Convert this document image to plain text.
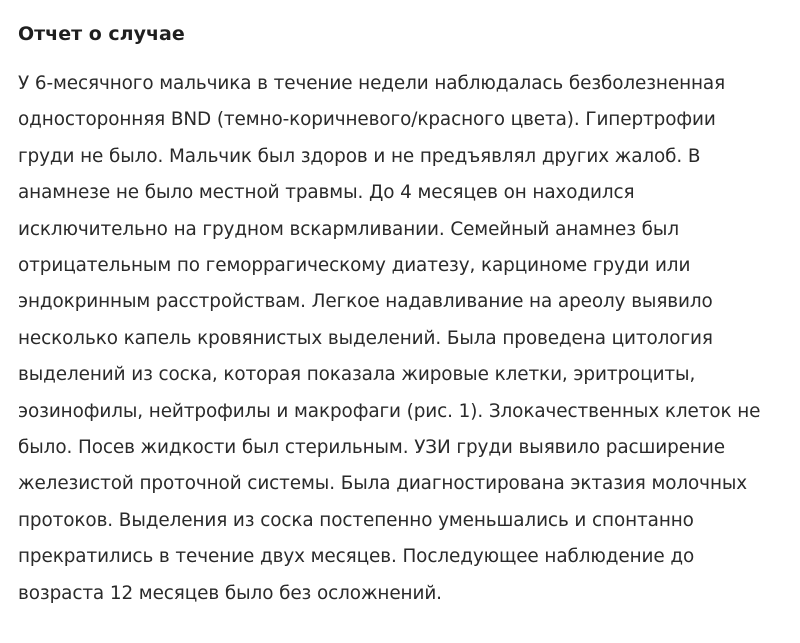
Отчет о случае
У 6-месячного мальчика в течение недели наблюдалась безболезненная
односторонняя BND (темно-коричневого/красного цвета). Гипертрофии
груди не было. Мальчик был здоров и не предъявлял других жалоб. В
анамнезе не было местной травмы. До 4 месяцев он находился
исключительно на грудном вскармливании. Семейный анамнез был
отрицательным по геморрагическому диатезу, карциноме груди или
эндокринным расстройствам. Легкое надавливание на ареолу выявило
несколько капель кровянистых выделений. Была проведена цитология
выделений из соска, которая показала жировые клетки, эритроциты,
эозинофилы, нейтрофилы и макрофаги (рис. 1). Злокачественных клеток не
было. Посев жидкости был стерильным. УЗИ груди выявило расширение
железистой проточной системы. Была диагностирована эктазия молочных
протоков. Выделения из соска постепенно уменьшались и спонтанно
прекратились в течение двух месяцев. Последующее наблюдение до
возраста 12 месяцев было без осложнений.
